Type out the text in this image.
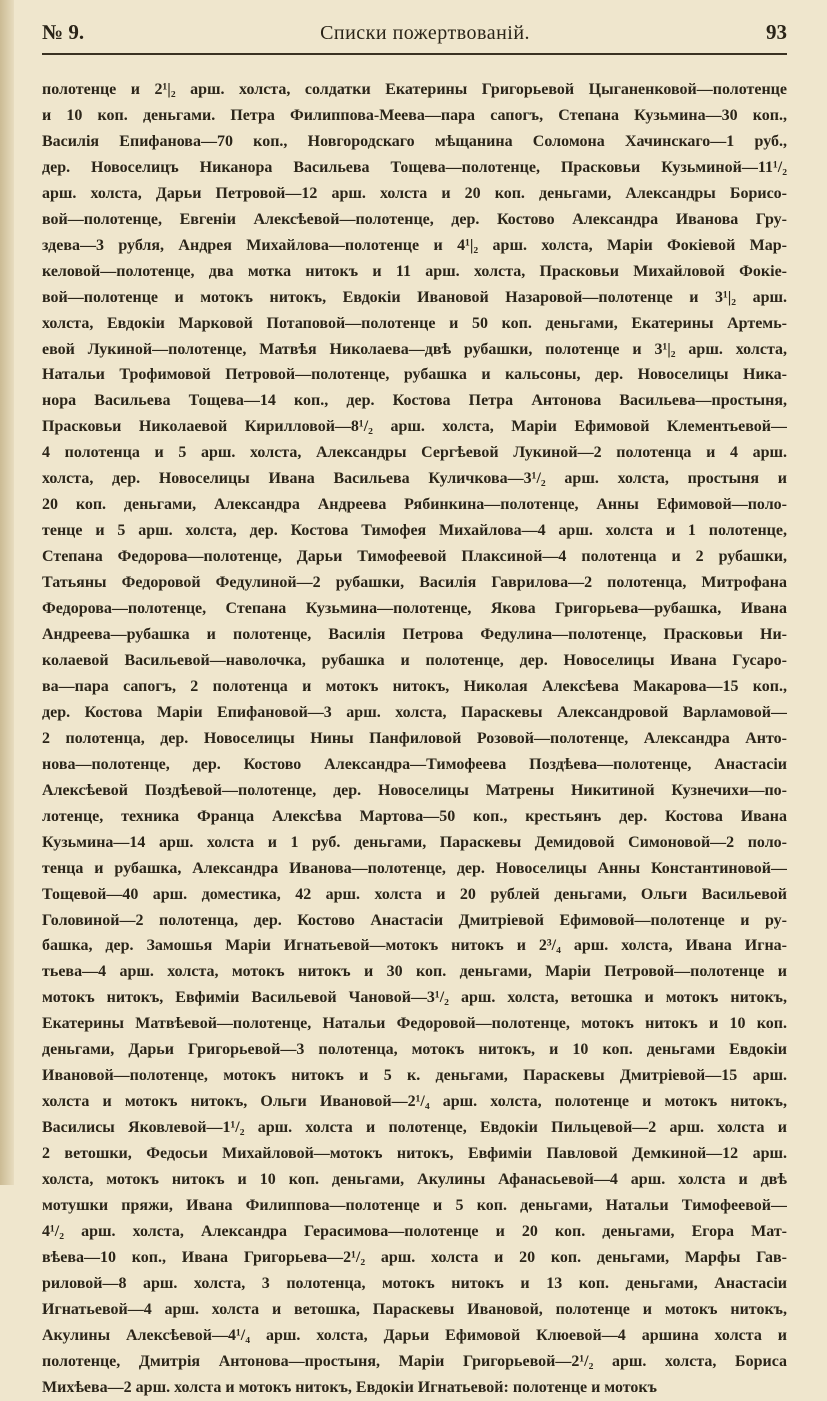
№ 9.	Списки пожертвованій.	93
полотенце и 2¹|₂ арш. холста, солдатки Екатерины Григорьевой Цыганенковой—полотенце
и 10 коп. деньгами. Петра Филиппова-Меева—пара сапогъ, Степана Кузьмина—30 коп.,
Василія Епифанова—70 коп., Новгородскаго мѣщанина Соломона Хачинскаго—1 руб.,
дер. Новоселицъ Никанора Васильева Тощева—полотенце, Прасковьи Кузьминой—11¹/₂
арш. холста, Дарьи Петровой—12 арш. холста и 20 коп. деньгами, Александры Борисо-
вой—полотенце, Евгеніи Алексѣевой—полотенце, дер. Костово Александра Иванова Гру-
здева—3 рубля, Андрея Михайлова—полотенце и 4¹|₂ арш. холста, Маріи Фокіевой Мар-
келовой—полотенце, два мотка нитокъ и 11 арш. холста, Прасковьи Михайловой Фокіе-
вой—полотенце и мотокъ нитокъ, Евдокіи Ивановой Назаровой—полотенце и 3¹|₂ арш.
холста, Евдокіи Марковой Потаповой—полотенце и 50 коп. деньгами, Екатерины Артемь-
евой Лукиной—полотенце, Матвѣя Николаева—двѣ рубашки, полотенце и 3¹|₂ арш. холста,
Натальи Трофимовой Петровой—полотенце, рубашка и кальсоны, дер. Новоселицы Ника-
нора Васильева Тощева—14 коп., дер. Костова Петра Антонова Васильева—простыня,
Прасковьи Николаевой Кирилловой—8¹/₂ арш. холста, Маріи Ефимовой Клементьевой—
4 полотенца и 5 арш. холста, Александры Сергѣевой Лукиной—2 полотенца и 4 арш.
холста, дер. Новоселицы Ивана Васильева Куличкова—3¹/₂ арш. холста, простыня и
20 коп. деньгами, Александра Андреева Рябинкина—полотенце, Анны Ефимовой—поло-
тенце и 5 арш. холста, дер. Костова Тимофея Михайлова—4 арш. холста и 1 полотенце,
Степана Федорова—полотенце, Дарьи Тимофеевой Плаксиной—4 полотенца и 2 рубашки,
Татьяны Федоровой Федулиной—2 рубашки, Василія Гаврилова—2 полотенца, Митрофана
Федорова—полотенце, Степана Кузьмина—полотенце, Якова Григорьева—рубашка, Ивана
Андреева—рубашка и полотенце, Василія Петрова Федулина—полотенце, Прасковьи Ни-
колаевой Васильевой—наволочка, рубашка и полотенце, дер. Новоселицы Ивана Гусаро-
ва—пара сапогъ, 2 полотенца и мотокъ нитокъ, Николая Алексѣева Макарова—15 коп.,
дер. Костова Маріи Епифановой—3 арш. холста, Параскевы Александровой Варламовой—
2 полотенца, дер. Новоселицы Нины Панфиловой Розовой—полотенце, Александра Анто-
нова—полотенце, дер. Костово Александра—Тимофеева Поздѣева—полотенце, Анастасіи
Алексѣевой Поздѣевой—полотенце, дер. Новоселицы Матрены Никитиной Кузнечихи—по-
лотенце, техника Франца Алексѣва Мартова—50 коп., крестьянъ дер. Костова Ивана
Кузьмина—14 арш. холста и 1 руб. деньгами, Параскевы Демидовой Симоновой—2 поло-
тенца и рубашка, Александра Иванова—полотенце, дер. Новоселицы Анны Константиновой—
Тощевой—40 арш. доместика, 42 арш. холста и 20 рублей деньгами, Ольги Васильевой
Головиной—2 полотенца, дер. Костово Анастасіи Дмитріевой Ефимовой—полотенце и ру-
башка, дер. Замошья Маріи Игнатьевой—мотокъ нитокъ и 2³/₄ арш. холста, Ивана Игна-
тьева—4 арш. холста, мотокъ нитокъ и 30 коп. деньгами, Маріи Петровой—полотенце и
мотокъ нитокъ, Евфиміи Васильевой Чановой—3¹/₂ арш. холста, ветошка и мотокъ нитокъ,
Екатерины Матвѣевой—полотенце, Натальи Федоровой—полотенце, мотокъ нитокъ и 10 коп.
деньгами, Дарьи Григорьевой—3 полотенца, мотокъ нитокъ, и 10 коп. деньгами Евдокіи
Ивановой—полотенце, мотокъ нитокъ и 5 к. деньгами, Параскевы Дмитріевой—15 арш.
холста и мотокъ нитокъ, Ольги Ивановой—2¹/₄ арш. холста, полотенце и мотокъ нитокъ,
Василисы Яковлевой—1¹/₂ арш. холста и полотенце, Евдокіи Пильцевой—2 арш. холста и
2 ветошки, Федосьи Михайловой—мотокъ нитокъ, Евфиміи Павловой Демкиной—12 арш.
холста, мотокъ нитокъ и 10 коп. деньгами, Акулины Афанасьевой—4 арш. холста и двѣ
мотушки пряжи, Ивана Филиппова—полотенце и 5 коп. деньгами, Натальи Тимофеевой—
4¹/₂ арш. холста, Александра Герасимова—полотенце и 20 коп. деньгами, Егора Мат-
вѣева—10 коп., Ивана Григорьева—2¹/₂ арш. холста и 20 коп. деньгами, Марфы Гав-
риловой—8 арш. холста, 3 полотенца, мотокъ нитокъ и 13 коп. деньгами, Анастасіи
Игнатьевой—4 арш. холста и ветошка, Параскевы Ивановой, полотенце и мотокъ нитокъ,
Акулины Алексѣевой—4¹/₄ арш. холста, Дарьи Ефимовой Клюевой—4 аршина холста и
полотенце, Дмитрія Антонова—простыня, Маріи Григорьевой—2¹/₂ арш. холста, Бориса
Михѣева—2 арш. холста и мотокъ нитокъ, Евдокіи Игнатьевой: полотенце и мотокъ
